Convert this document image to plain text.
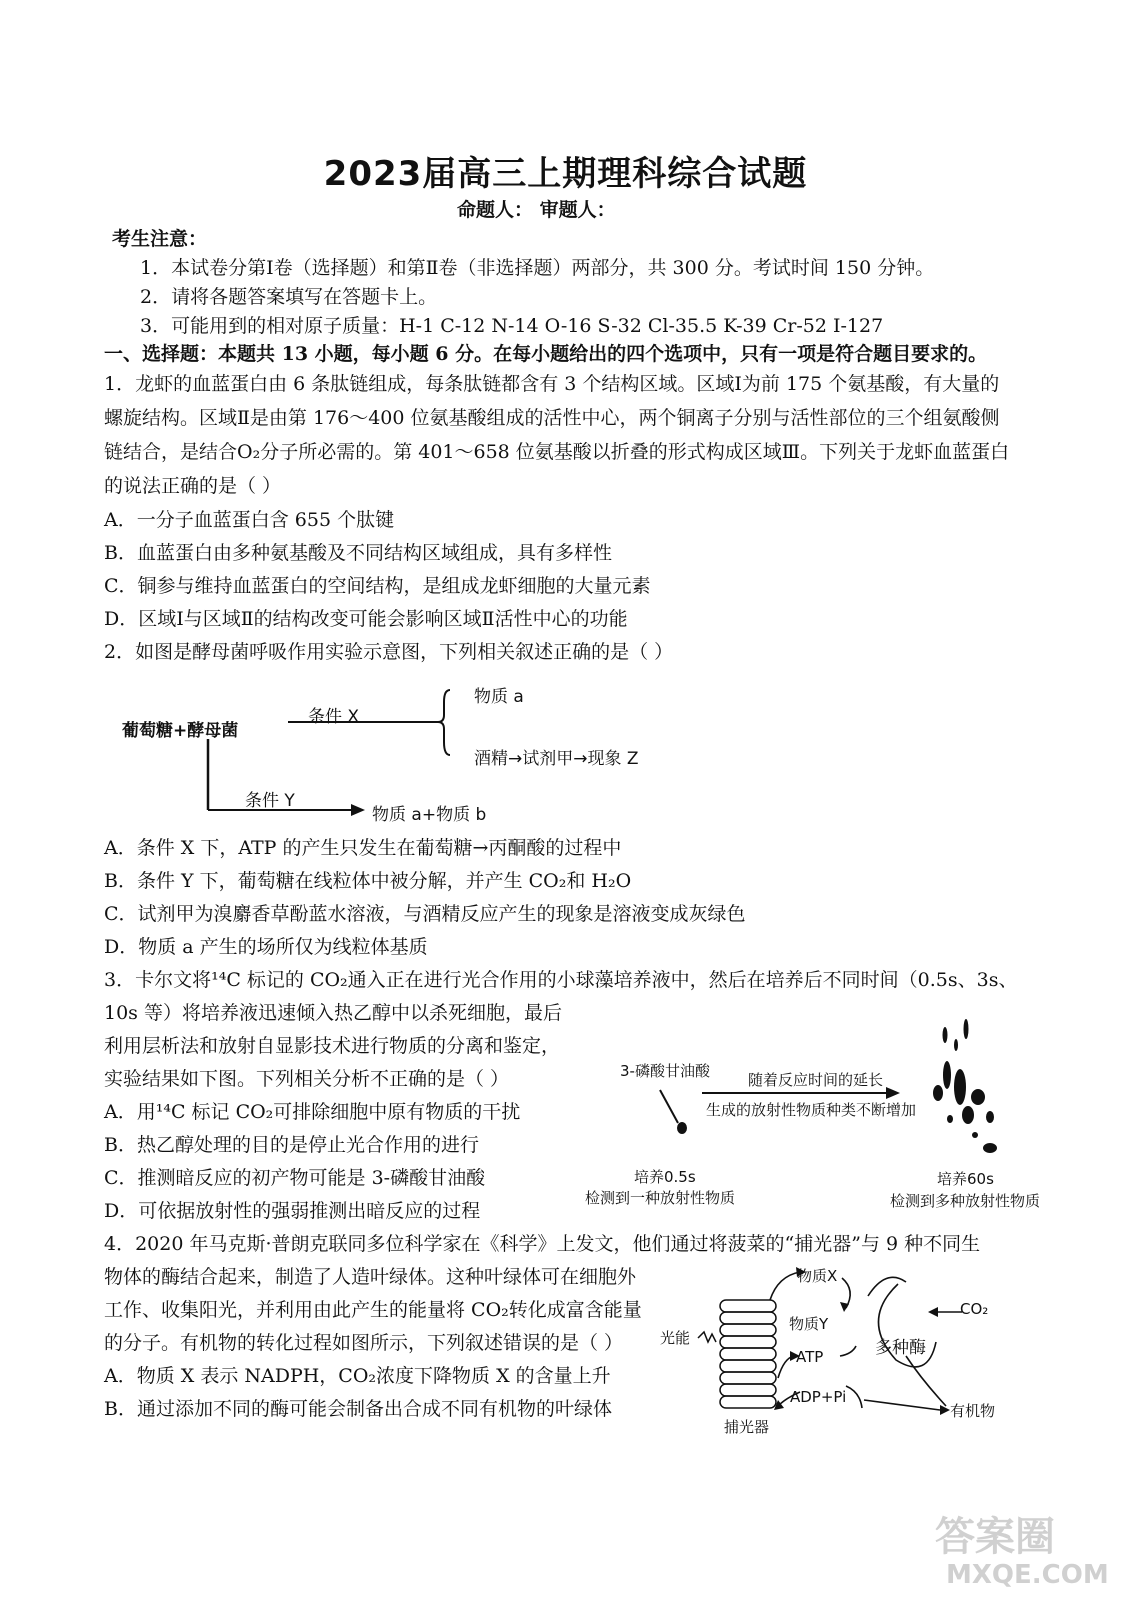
2023届高三上期理科综合试题
命题人： 审题人：
考生注意：
1．本试卷分第Ⅰ卷（选择题）和第Ⅱ卷（非选择题）两部分，共 300 分。考试时间 150 分钟。
2．请将各题答案填写在答题卡上。
3．可能用到的相对原子质量：H-1 C-12 N-14 O-16 S-32 Cl-35.5 K-39 Cr-52 I-127
一、选择题：本题共 13 小题，每小题 6 分。在每小题给出的四个选项中，只有一项是符合题目要求的。
1．龙虾的血蓝蛋白由 6 条肽链组成，每条肽链都含有 3 个结构区域。区域Ⅰ为前 175 个氨基酸，有大量的
螺旋结构。区域Ⅱ是由第 176～400 位氨基酸组成的活性中心，两个铜离子分别与活性部位的三个组氨酸侧
链结合，是结合O₂分子所必需的。第 401～658 位氨基酸以折叠的形式构成区域Ⅲ。下列关于龙虾血蓝蛋白
的说法正确的是（ ）
A．一分子血蓝蛋白含 655 个肽键
B．血蓝蛋白由多种氨基酸及不同结构区域组成，具有多样性
C．铜参与维持血蓝蛋白的空间结构，是组成龙虾细胞的大量元素
D．区域Ⅰ与区域Ⅱ的结构改变可能会影响区域Ⅱ活性中心的功能
2．如图是酵母菌呼吸作用实验示意图，下列相关叙述正确的是（ ）
葡萄糖+酵母菌
条件 X
物质 a
酒精→试剂甲→现象 Z
条件 Y
物质 a+物质 b
A．条件 X 下，ATP 的产生只发生在葡萄糖→丙酮酸的过程中
B．条件 Y 下，葡萄糖在线粒体中被分解，并产生 CO₂和 H₂O
C．试剂甲为溴麝香草酚蓝水溶液，与酒精反应产生的现象是溶液变成灰绿色
D．物质 a 产生的场所仅为线粒体基质
3．卡尔文将¹⁴C 标记的 CO₂通入正在进行光合作用的小球藻培养液中，然后在培养后不同时间（0.5s、3s、
10s 等）将培养液迅速倾入热乙醇中以杀死细胞，最后
利用层析法和放射自显影技术进行物质的分离和鉴定，
实验结果如下图。下列相关分析不正确的是（ ）
A．用¹⁴C 标记 CO₂可排除细胞中原有物质的干扰
B．热乙醇处理的目的是停止光合作用的进行
C．推测暗反应的初产物可能是 3-磷酸甘油酸
D．可依据放射性的强弱推测出暗反应的过程
3-磷酸甘油酸	随着反应时间的延长
生成的放射性物质种类不断增加
培养0.5s
检测到一种放射性物质
培养60s
检测到多种放射性物质
4．2020 年马克斯·普朗克联同多位科学家在《科学》上发文，他们通过将菠菜的“捕光器”与 9 种不同生
物体的酶结合起来，制造了人造叶绿体。这种叶绿体可在细胞外
工作、收集阳光，并利用由此产生的能量将 CO₂转化成富含能量
的分子。有机物的转化过程如图所示，下列叙述错误的是（ ）
A．物质 X 表示 NADPH，CO₂浓度下降物质 X 的含量上升
B．通过添加不同的酶可能会制备出合成不同有机物的叶绿体
光能
物质X
物质Y
ATP
ADP+Pi
多种酶
CO₂
有机物
捕光器
答案圈
MXQE.COM
